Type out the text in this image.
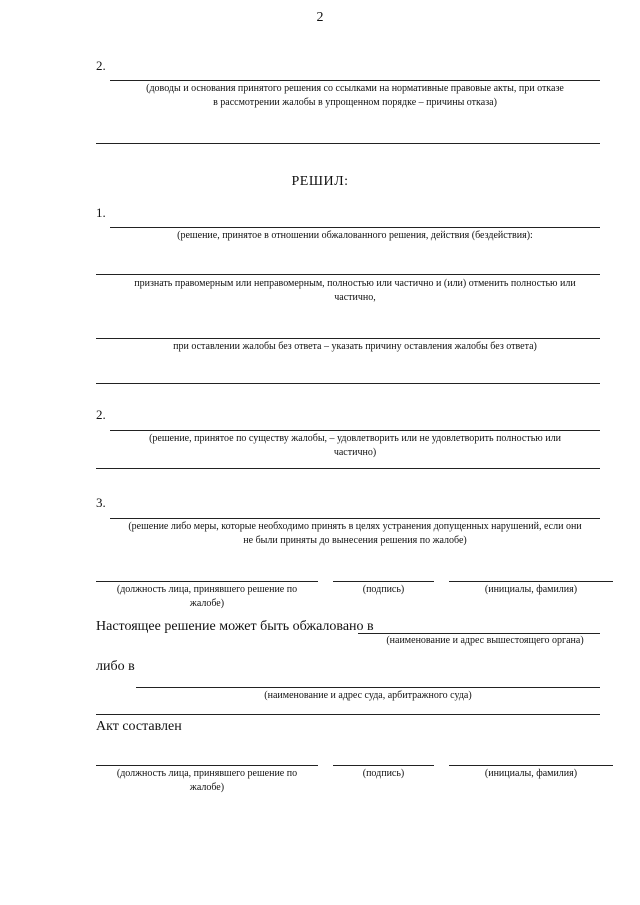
2
2.
(доводы и основания принятого решения со ссылками на нормативные правовые акты, при отказе
в рассмотрении жалобы в упрощенном порядке – причины отказа)
РЕШИЛ:
1.
(решение, принятое в отношении обжалованного решения, действия (бездействия):
признать правомерным или неправомерным, полностью или частично и (или) отменить полностью или
частично,
при оставлении жалобы без ответа – указать причину оставления жалобы без ответа)
2.
(решение, принятое по существу жалобы, – удовлетворить или не удовлетворить полностью или
частично)
3.
(решение либо меры, которые необходимо принять в целях устранения допущенных нарушений, если они
не были приняты до вынесения решения по жалобе)
(должность лица, принявшего решение по
жалобе)
(подпись)	(инициалы, фамилия)
Настоящее решение может быть обжаловано в
(наименование и адрес вышестоящего органа)
либо в
(наименование и адрес суда, арбитражного суда)
Акт составлен
(должность лица, принявшего решение по
жалобе)
(подпись)	(инициалы, фамилия)
